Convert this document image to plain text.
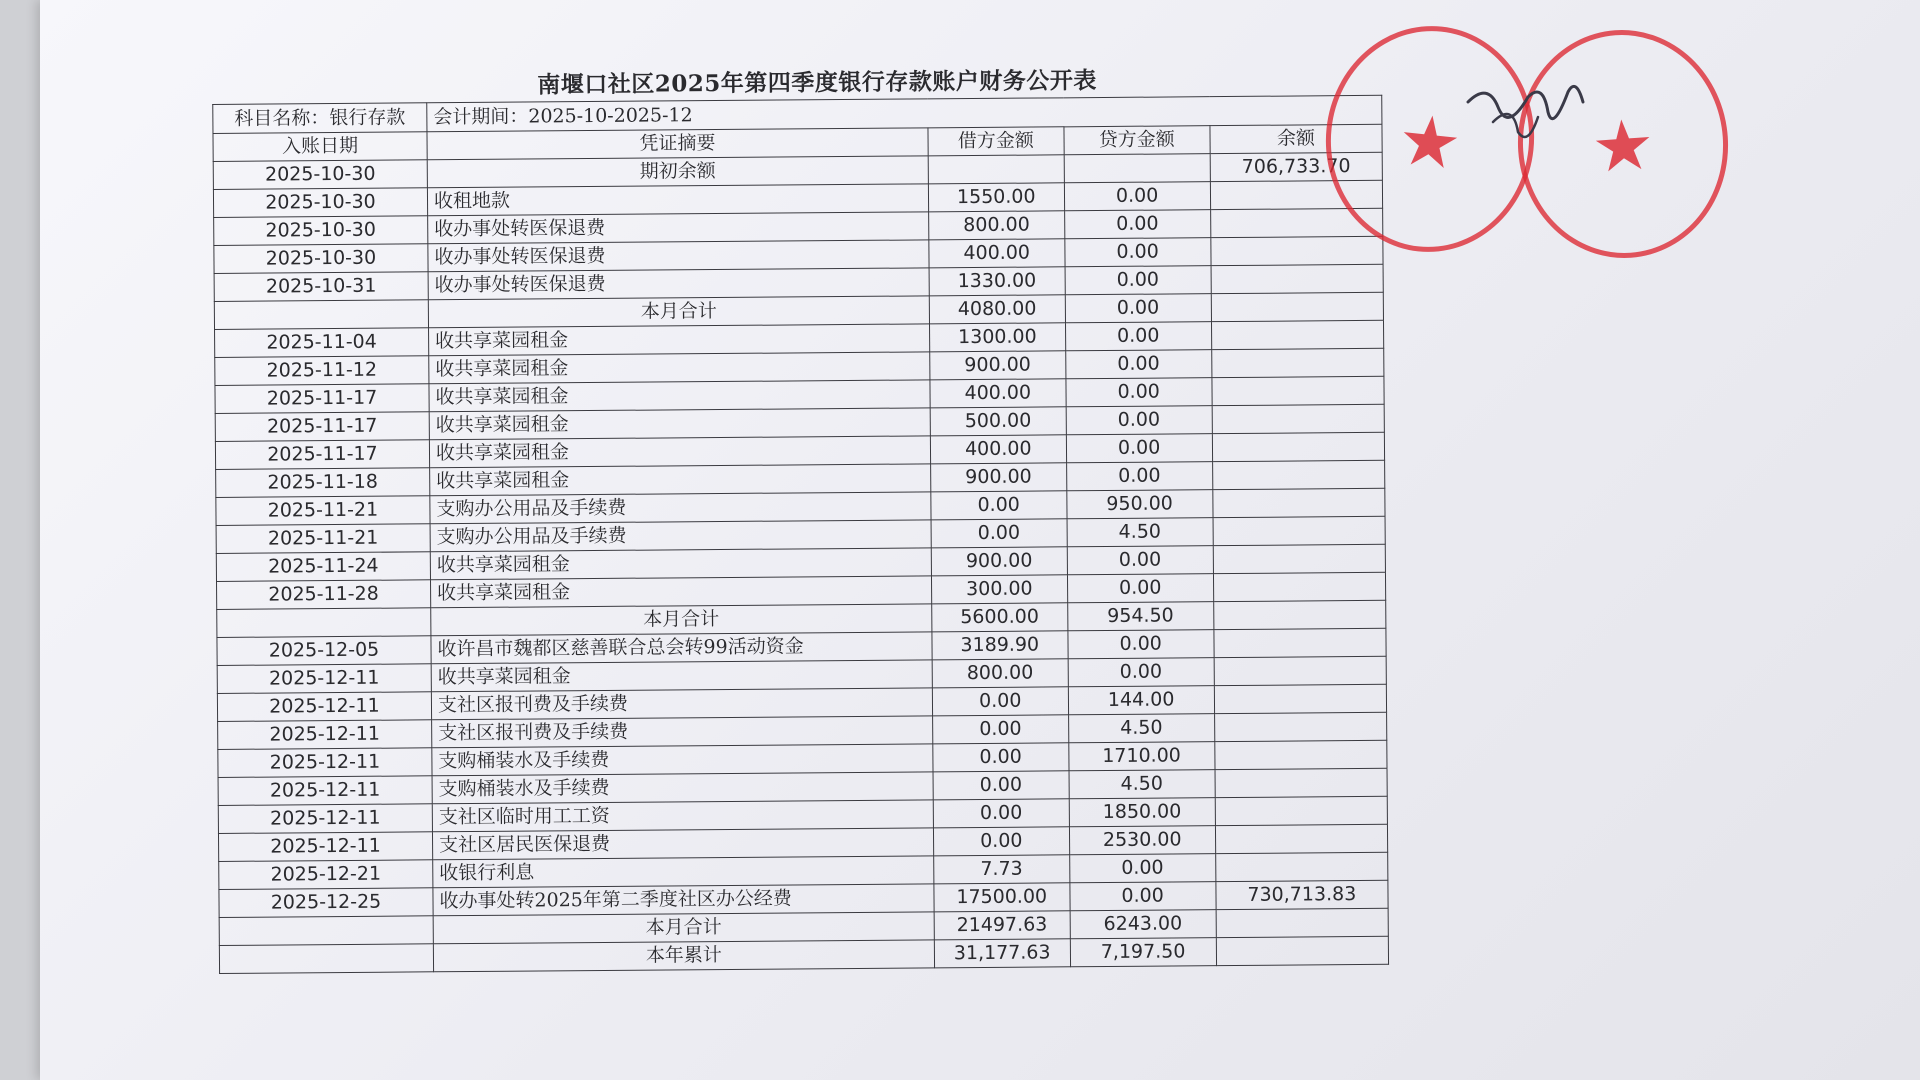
南堰口社区2025年第四季度银行存款账户财务公开表
科目名称：银行存款	会计期间：2025-10-2025-12			
入账日期	凭证摘要	借方金额	贷方金额	余额
2025-10-30	期初余额			706,733.70
2025-10-30	收租地款	1550.00	0.00	
2025-10-30	收办事处转医保退费	800.00	0.00	
2025-10-30	收办事处转医保退费	400.00	0.00	
2025-10-31	收办事处转医保退费	1330.00	0.00	
	本月合计	4080.00	0.00	
2025-11-04	收共享菜园租金	1300.00	0.00	
2025-11-12	收共享菜园租金	900.00	0.00	
2025-11-17	收共享菜园租金	400.00	0.00	
2025-11-17	收共享菜园租金	500.00	0.00	
2025-11-17	收共享菜园租金	400.00	0.00	
2025-11-18	收共享菜园租金	900.00	0.00	
2025-11-21	支购办公用品及手续费	0.00	950.00	
2025-11-21	支购办公用品及手续费	0.00	4.50	
2025-11-24	收共享菜园租金	900.00	0.00	
2025-11-28	收共享菜园租金	300.00	0.00	
	本月合计	5600.00	954.50	
2025-12-05	收许昌市魏都区慈善联合总会转99活动资金	3189.90	0.00	
2025-12-11	收共享菜园租金	800.00	0.00	
2025-12-11	支社区报刊费及手续费	0.00	144.00	
2025-12-11	支社区报刊费及手续费	0.00	4.50	
2025-12-11	支购桶装水及手续费	0.00	1710.00	
2025-12-11	支购桶装水及手续费	0.00	4.50	
2025-12-11	支社区临时用工工资	0.00	1850.00	
2025-12-11	支社区居民医保退费	0.00	2530.00	
2025-12-21	收银行利息	7.73	0.00	
2025-12-25	收办事处转2025年第二季度社区办公经费	17500.00	0.00	730,713.83
	本月合计	21497.63	6243.00	
	本年累计	31,177.63	7,197.50	
★ ★
